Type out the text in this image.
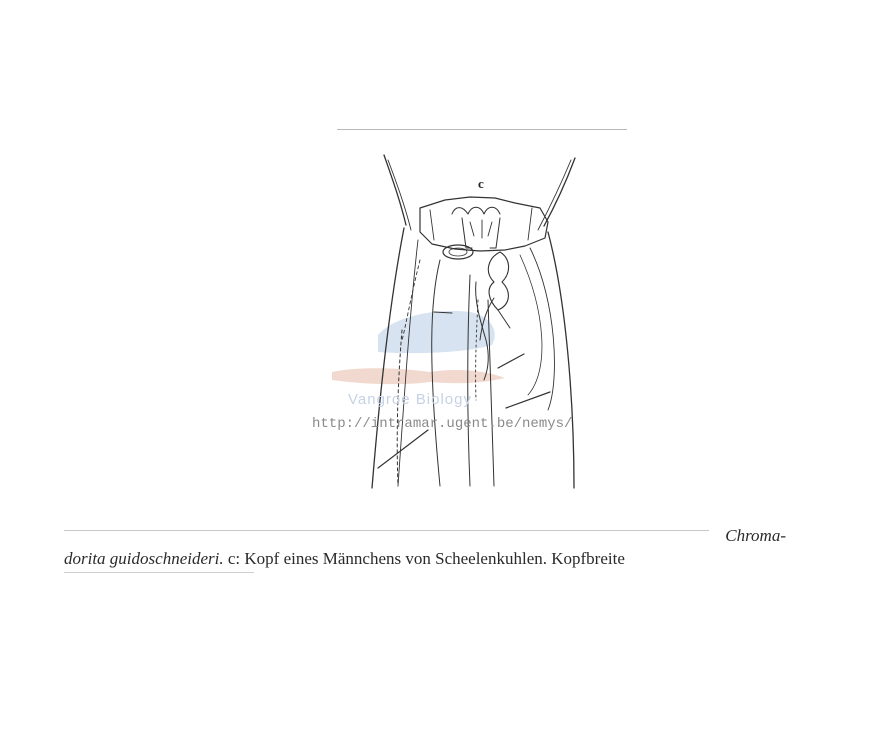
c
Vangroe Biology
http://intramar.ugent.be/nemys/
Chroma-
dorita guidoschneideri. c: Kopf eines Männchens von Scheelenkuhlen. Kopfbreite
